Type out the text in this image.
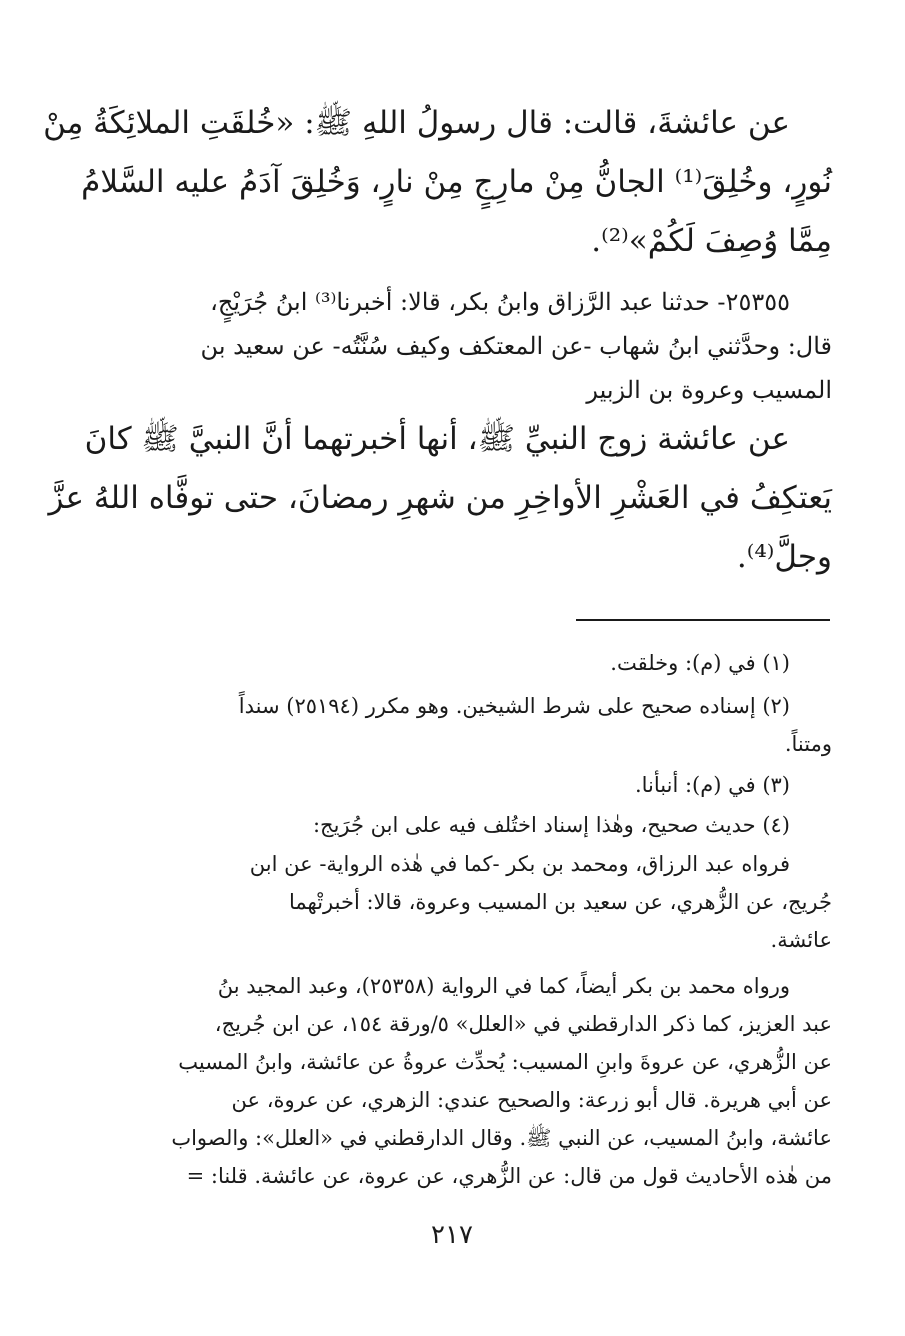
عن عائشةَ، قالت: قال رسولُ اللهِ ﷺ: «خُلقَتِ الملائِكَةُ مِنْ
نُورٍ، وخُلِقَ⁽¹⁾ الجانُّ مِنْ مارِجٍ مِنْ نارٍ، وَخُلِقَ آدَمُ عليه السَّلامُ
مِمَّا وُصِفَ لَكُمْ»⁽²⁾.
٢٥٣٥٥- حدثنا عبد الرَّزاق وابنُ بكر، قالا: أخبرنا⁽³⁾ ابنُ جُرَيْجٍ،
قال: وحدَّثني ابنُ شهاب -عن المعتكف وكيف سُنَّتُه- عن سعيد بن
المسيب وعروة بن الزبير
عن عائشة زوج النبيِّ ﷺ، أنها أخبرتهما أنَّ النبيَّ ﷺ كانَ
يَعتكِفُ في العَشْرِ الأواخِرِ من شهرِ رمضانَ، حتى توفَّاه اللهُ عزَّ
وجلَّ⁽⁴⁾.
(١) في (م): وخلقت.
(٢) إسناده صحيح على شرط الشيخين. وهو مكرر (٢٥١٩٤) سنداً
ومتناً.
(٣) في (م): أنبأنا.
(٤) حديث صحيح، وهٰذا إسناد اختُلف فيه على ابن جُرَيج:
فرواه عبد الرزاق، ومحمد بن بكر -كما في هٰذه الرواية- عن ابن
جُريج، عن الزُّهري، عن سعيد بن المسيب وعروة، قالا: أخبرتْهما
عائشة.
ورواه محمد بن بكر أيضاً، كما في الرواية (٢٥٣٥٨)، وعبد المجيد بنُ
عبد العزيز، كما ذكر الدارقطني في «العلل» ٥/ورقة ١٥٤، عن ابن جُريج،
عن الزُّهري، عن عروةَ وابنِ المسيب: يُحدِّث عروةُ عن عائشة، وابنُ المسيب
عن أبي هريرة. قال أبو زرعة: والصحيح عندي: الزهري، عن عروة، عن
عائشة، وابنُ المسيب، عن النبي ﷺ. وقال الدارقطني في «العلل»: والصواب
من هٰذه الأحاديث قول من قال: عن الزُّهري، عن عروة، عن عائشة. قلنا: =
٢١٧
